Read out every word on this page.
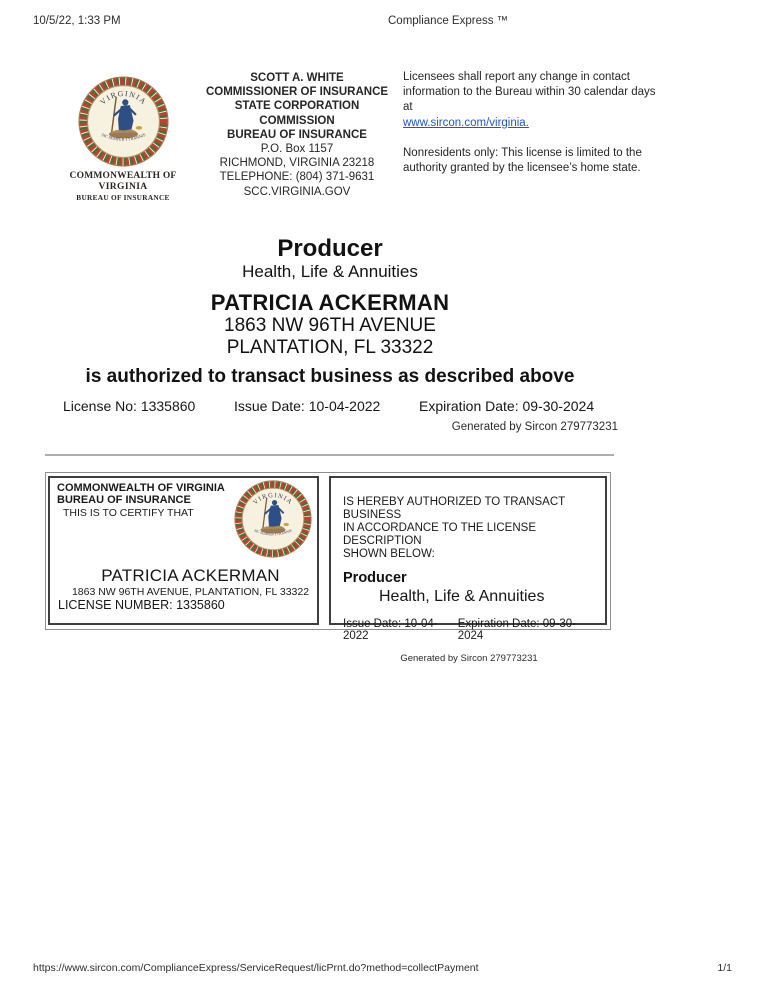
10/5/22, 1:33 PM	Compliance Express ™
VIRGINIA
SIC SEMPER TYRANNIS
COMMONWEALTH OF
VIRGINIA
BUREAU OF INSURANCE
SCOTT A. WHITE
COMMISSIONER OF INSURANCE
STATE CORPORATION
COMMISSION
BUREAU OF INSURANCE
P.O. Box 1157
RICHMOND, VIRGINIA 23218
TELEPHONE: (804) 371-9631
SCC.VIRGINIA.GOV
Licensees shall report any change in contact
information to the Bureau within 30 calendar days at
www.sircon.com/virginia.
Nonresidents only: This license is limited to the
authority granted by the licensee’s home state.
Producer
Health, Life & Annuities
PATRICIA ACKERMAN
1863 NW 96TH AVENUE
PLANTATION, FL 33322
is authorized to transact business as described above
License No: 1335860	Issue Date: 10-04-2022	Expiration Date: 09-30-2024
Generated by Sircon 279773231
COMMONWEALTH OF VIRGINIA
BUREAU OF INSURANCE
THIS IS TO CERTIFY THAT
VIRGINIA
SIC SEMPER TYRANNIS
PATRICIA ACKERMAN
1863 NW 96TH AVENUE, PLANTATION, FL 33322
LICENSE NUMBER: 1335860
IS HEREBY AUTHORIZED TO TRANSACT BUSINESS
IN ACCORDANCE TO THE LICENSE DESCRIPTION
SHOWN BELOW:
Producer
Health, Life & Annuities
Issue Date: 10-04-2022
Expiration Date: 09-30-2024
Generated by Sircon 279773231
https://www.sircon.com/ComplianceExpress/ServiceRequest/licPrnt.do?method=collectPayment	1/1
